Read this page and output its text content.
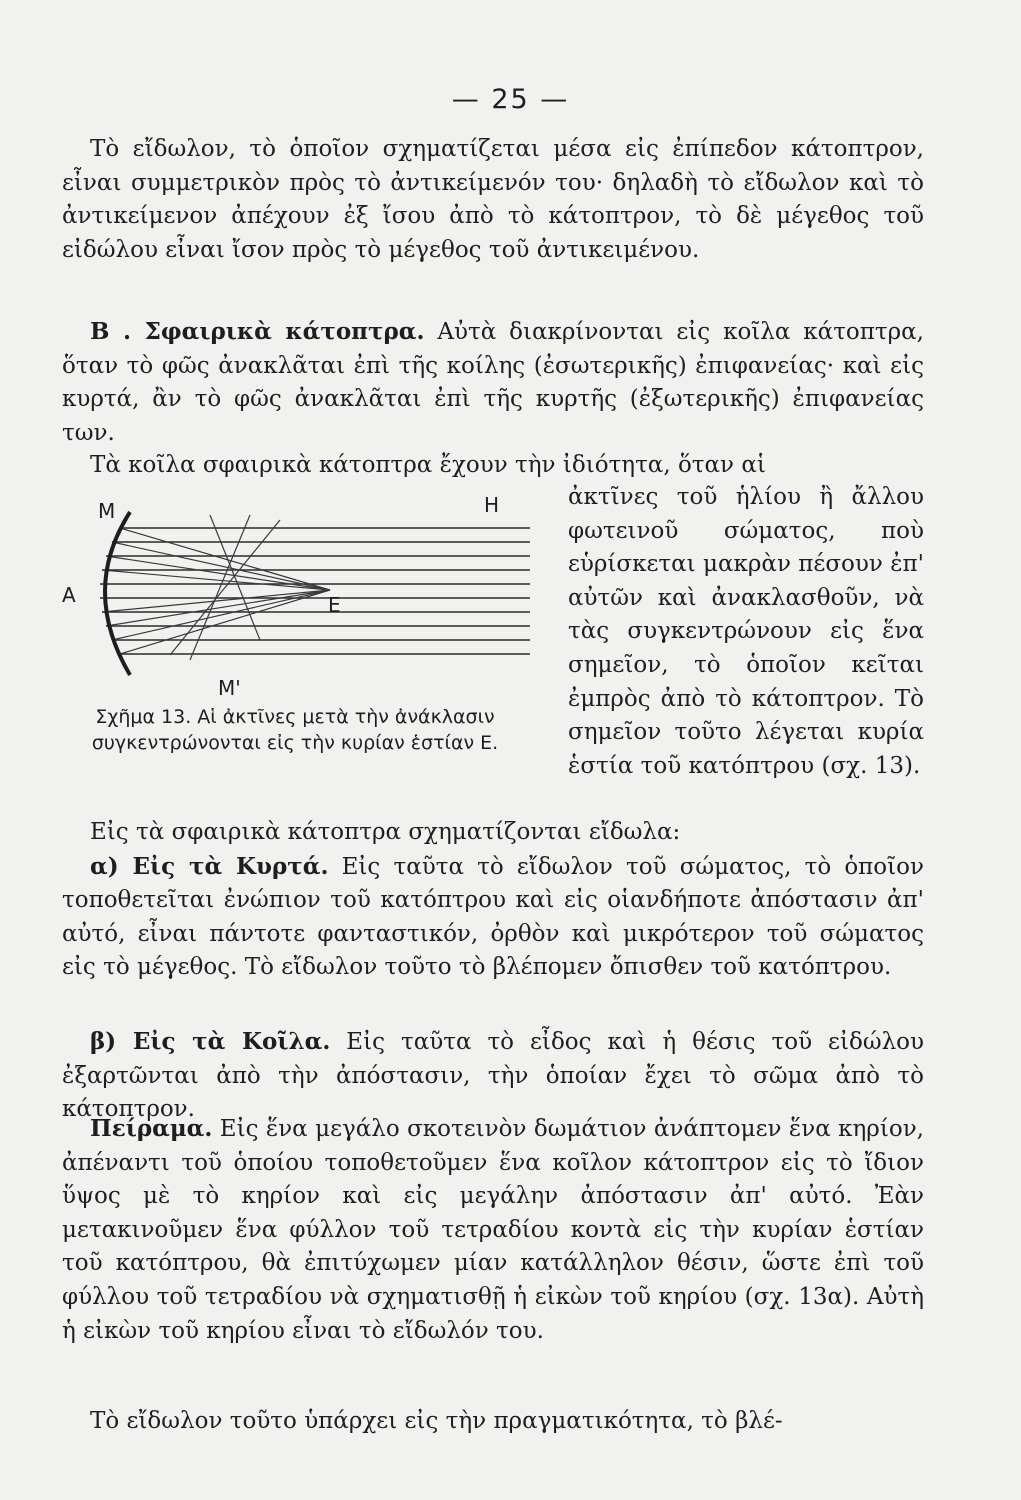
— 25 —

Τὸ εἴδωλον, τὸ ὁποῖον σχηματίζεται μέσα εἰς ἐπίπεδον κάτοπτρον, εἶναι συμμετρικὸν πρὸς τὸ ἀντικείμενόν του· δηλαδὴ τὸ εἴδωλον καὶ τὸ ἀντικείμενον ἀπέχουν ἐξ ἴσου ἀπὸ τὸ κάτοπτρον, τὸ δὲ μέγεθος τοῦ εἰδώλου εἶναι ἴσον πρὸς τὸ μέγεθος τοῦ ἀντικειμένου.

Β . Σφαιρικὰ κάτοπτρα. Αὐτὰ διακρίνονται εἰς κοῖλα κάτοπτρα, ὅταν τὸ φῶς ἀνακλᾶται ἐπὶ τῆς κοίλης (ἐσωτερικῆς) ἐπιφανείας· καὶ εἰς κυρτά, ἂν τὸ φῶς ἀνακλᾶται ἐπὶ τῆς κυρτῆς (ἐξωτερικῆς) ἐπιφανείας των.

Τὰ κοῖλα σφαιρικὰ κάτοπτρα ἔχουν τὴν ἰδιότητα, ὅταν αἱ

ἀκτῖνες τοῦ ἡλίου ἢ ἄλλου φωτεινοῦ σώματος, ποὺ εὑρίσκεται μακρὰν πέσουν ἐπ' αὐτῶν καὶ ἀνακλασθοῦν, νὰ τὰς συγκεντρώνουν εἰς ἕνα σημεῖον, τὸ ὁποῖον κεῖται ἐμπρὸς ἀπὸ τὸ κάτοπτρον. Τὸ σημεῖον τοῦτο λέγεται κυρία ἑστία τοῦ κατόπτρου (σχ. 13).

Μ	Η
Α	Ε
Μ'
Σχῆμα 13. Αἱ ἀκτῖνες μετὰ τὴν ἀνάκλασιν συγκεντρώνονται εἰς τὴν κυρίαν ἑστίαν Ε.

Εἰς τὰ σφαιρικὰ κάτοπτρα σχηματίζονται εἴδωλα:

α) Εἰς τὰ Κυρτά. Εἰς ταῦτα τὸ εἴδωλον τοῦ σώματος, τὸ ὁποῖον τοποθετεῖται ἐνώπιον τοῦ κατόπτρου καὶ εἰς οἱανδήποτε ἀπόστασιν ἀπ' αὐτό, εἶναι πάντοτε φανταστικόν, ὀρθὸν καὶ μικρότερον τοῦ σώματος εἰς τὸ μέγεθος. Τὸ εἴδωλον τοῦτο τὸ βλέπομεν ὄπισθεν τοῦ κατόπτρου.

β) Εἰς τὰ Κοῖλα. Εἰς ταῦτα τὸ εἶδος καὶ ἡ θέσις τοῦ εἰδώλου ἐξαρτῶνται ἀπὸ τὴν ἀπόστασιν, τὴν ὁποίαν ἔχει τὸ σῶμα ἀπὸ τὸ κάτοπτρον.

Πείραμα. Εἰς ἕνα μεγάλο σκοτεινὸν δωμάτιον ἀνάπτομεν ἕνα κηρίον, ἀπέναντι τοῦ ὁποίου τοποθετοῦμεν ἕνα κοῖλον κάτοπτρον εἰς τὸ ἴδιον ὕψος μὲ τὸ κηρίον καὶ εἰς μεγάλην ἀπόστασιν ἀπ' αὐτό. Ἐὰν μετακινοῦμεν ἕνα φύλλον τοῦ τετραδίου κοντὰ εἰς τὴν κυρίαν ἑστίαν τοῦ κατόπτρου, θὰ ἐπιτύχωμεν μίαν κατάλληλον θέσιν, ὥστε ἐπὶ τοῦ φύλλου τοῦ τετραδίου νὰ σχηματισθῇ ἡ εἰκὼν τοῦ κηρίου (σχ. 13α). Αὐτὴ ἡ εἰκὼν τοῦ κηρίου εἶναι τὸ εἴδωλόν του.

Τὸ εἴδωλον τοῦτο ὑπάρχει εἰς τὴν πραγματικότητα, τὸ βλέ-
